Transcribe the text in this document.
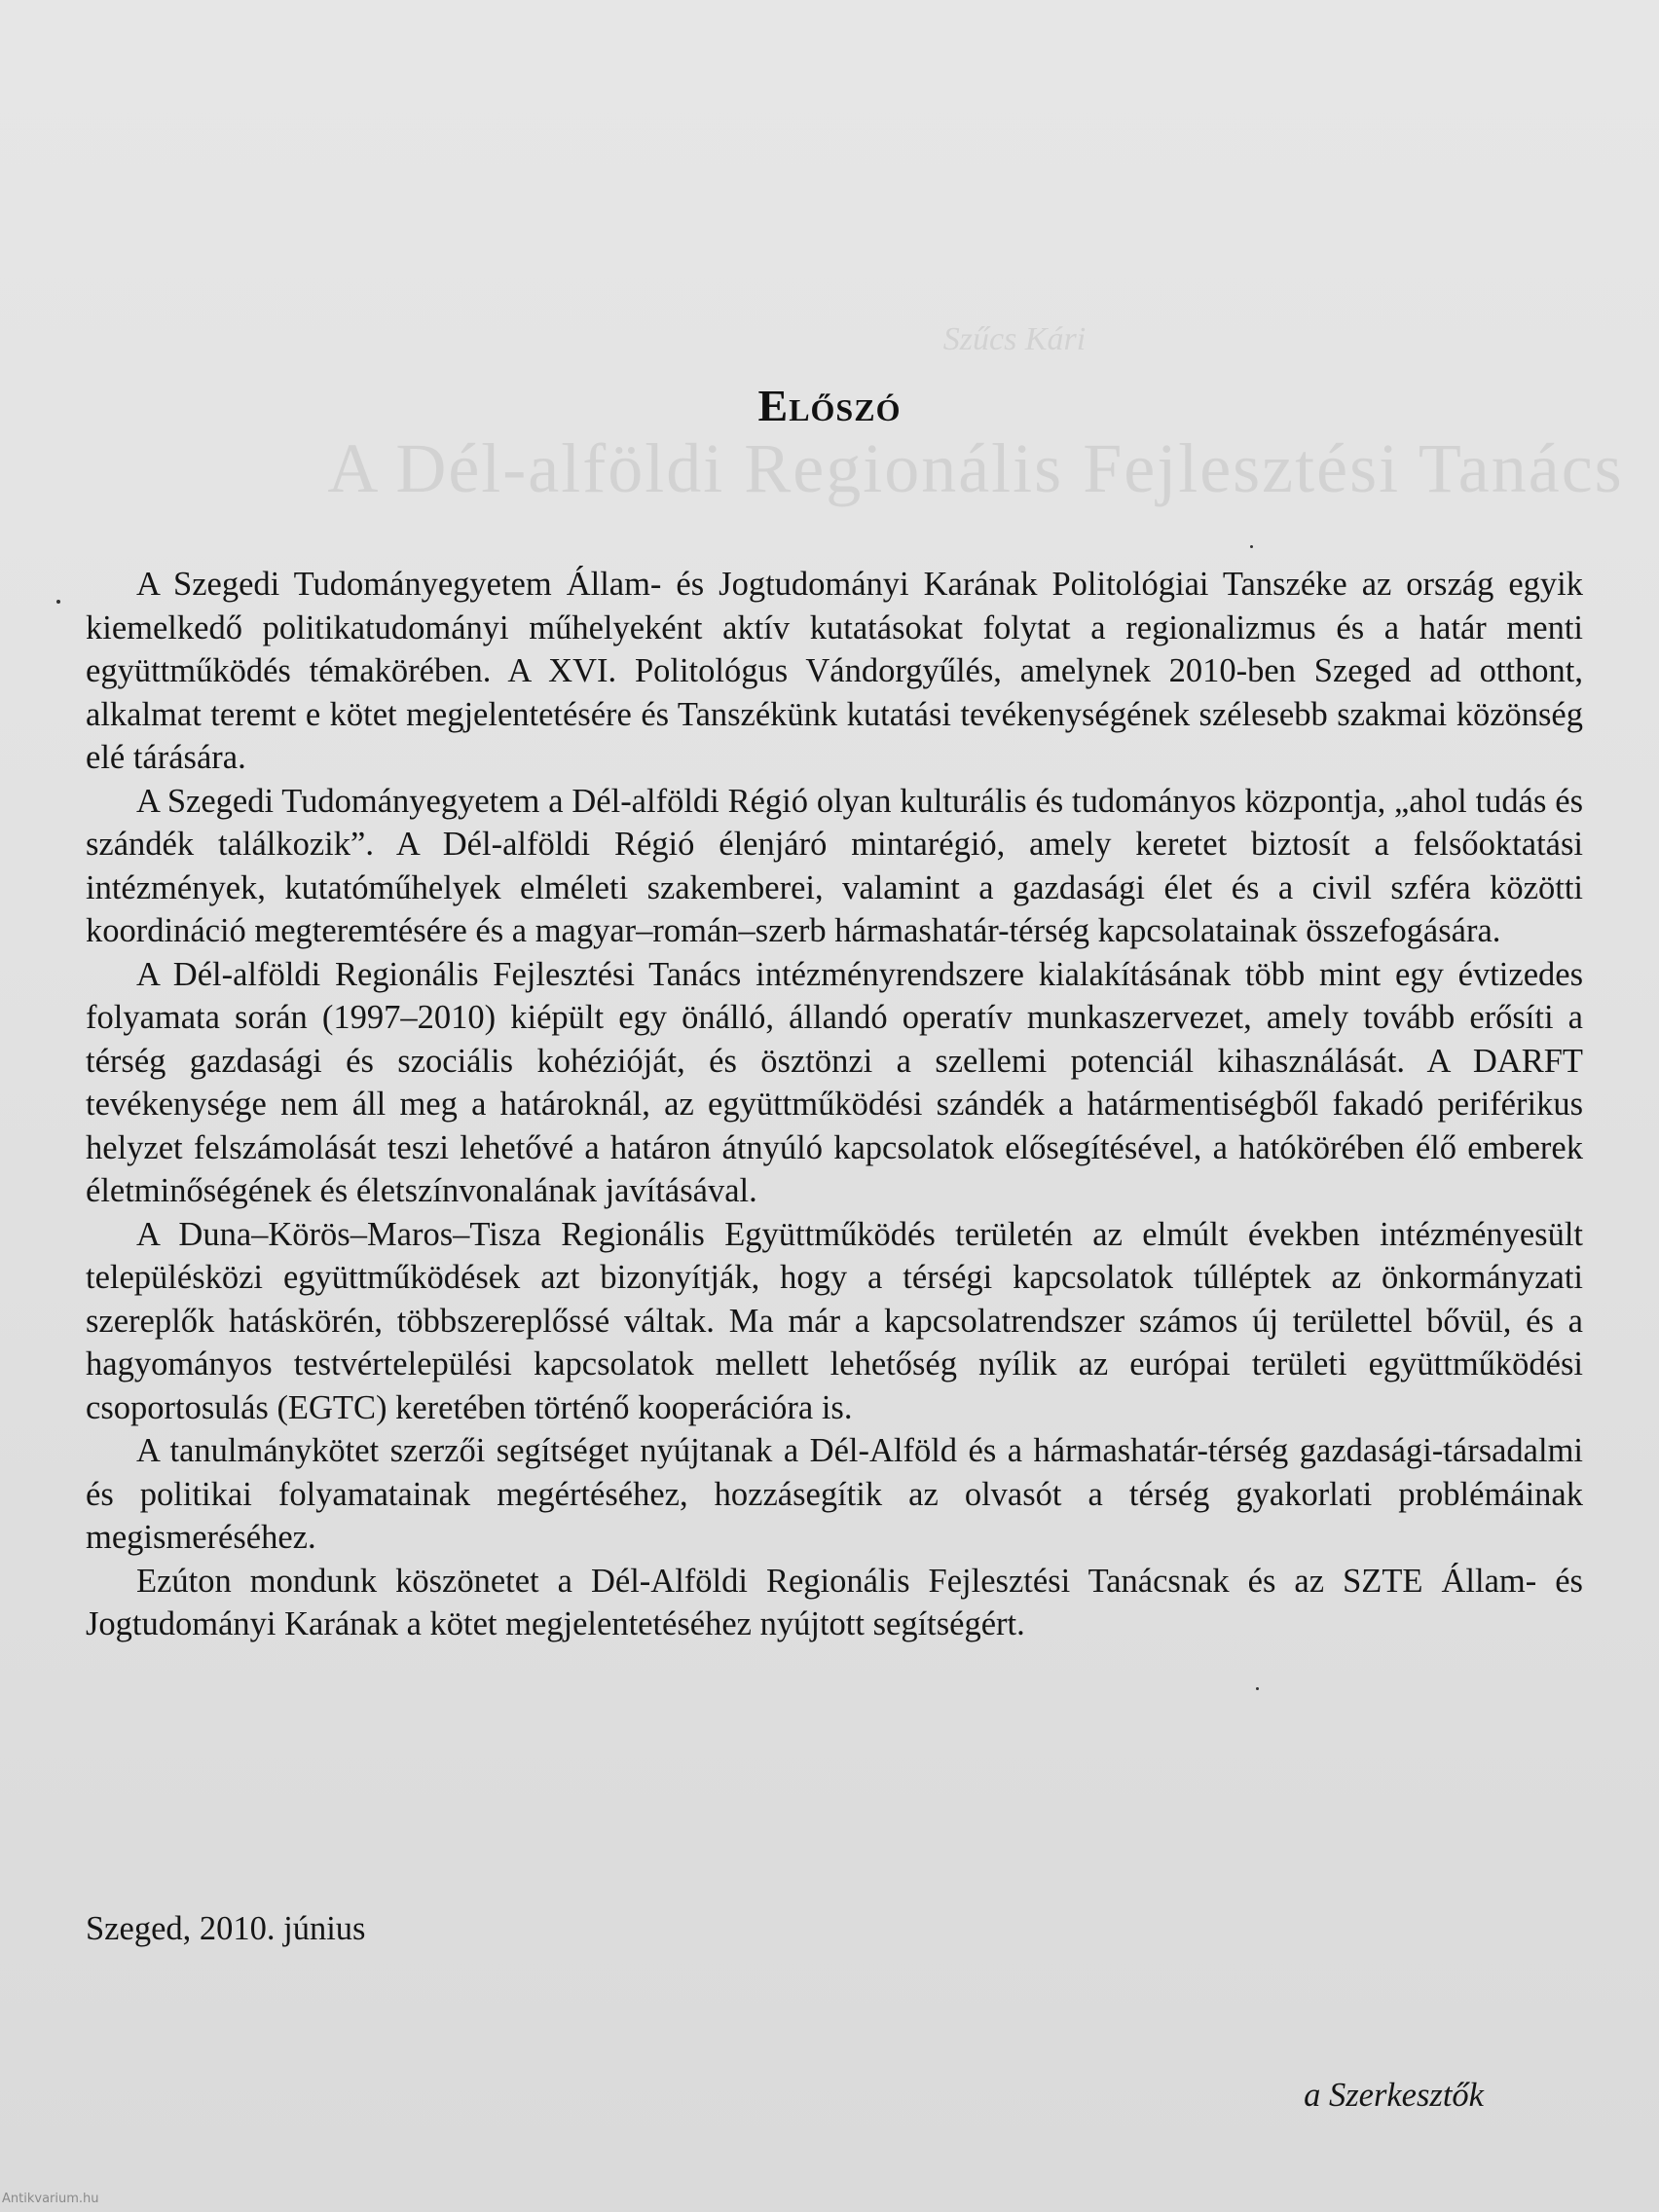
Szűcs Kári
A Dél-alföldi Regionális Fejlesztési Tanács
Előszó

A Szegedi Tudományegyetem Állam- és Jogtudományi Karának Politológiai Tanszéke az ország egyik kiemelkedő politikatudományi műhelyeként aktív kutatásokat folytat a regionalizmus és a határ menti együttműködés témakörében. A XVI. Politológus Vándorgyűlés, amelynek 2010-ben Szeged ad otthont, alkalmat teremt e kötet megjelentetésére és Tanszékünk kutatási tevékenységének szélesebb szakmai közönség elé tárására.

A Szegedi Tudományegyetem a Dél-alföldi Régió olyan kulturális és tudományos központja, „ahol tudás és szándék találkozik”. A Dél-alföldi Régió élenjáró mintarégió, amely keretet biztosít a felsőoktatási intézmények, kutatóműhelyek elméleti szakemberei, valamint a gazdasági élet és a civil szféra közötti koordináció megteremtésére és a magyar–román–szerb hármashatár-térség kapcsolatainak összefogására.

A Dél-alföldi Regionális Fejlesztési Tanács intézményrendszere kialakításának több mint egy évtizedes folyamata során (1997–2010) kiépült egy önálló, állandó operatív munkaszervezet, amely tovább erősíti a térség gazdasági és szociális kohézióját, és ösztönzi a szellemi potenciál kihasználását. A DARFT tevékenysége nem áll meg a határoknál, az együttműködési szándék a határmentiségből fakadó periférikus helyzet felszámolását teszi lehetővé a határon átnyúló kapcsolatok elősegítésével, a hatókörében élő emberek életminőségének és életszínvonalának javításával.

A Duna–Körös–Maros–Tisza Regionális Együttműködés területén az elmúlt években intézményesült településközi együttműködések azt bizonyítják, hogy a térségi kapcsolatok túlléptek az önkormányzati szereplők hatáskörén, többszereplőssé váltak. Ma már a kapcsolatrendszer számos új területtel bővül, és a hagyományos testvértelepülési kapcsolatok mellett lehetőség nyílik az európai területi együttműködési csoportosulás (EGTC) keretében történő kooperációra is.

A tanulmánykötet szerzői segítséget nyújtanak a Dél-Alföld és a hármashatár-térség gazdasági-társadalmi és politikai folyamatainak megértéséhez, hozzásegítik az olvasót a térség gyakorlati problémáinak megismeréséhez.

Ezúton mondunk köszönetet a Dél-Alföldi Regionális Fejlesztési Tanácsnak és az SZTE Állam- és Jogtudományi Karának a kötet megjelentetéséhez nyújtott segítségért.

Szeged, 2010. június
a Szerkesztők
Antikvarium.hu
